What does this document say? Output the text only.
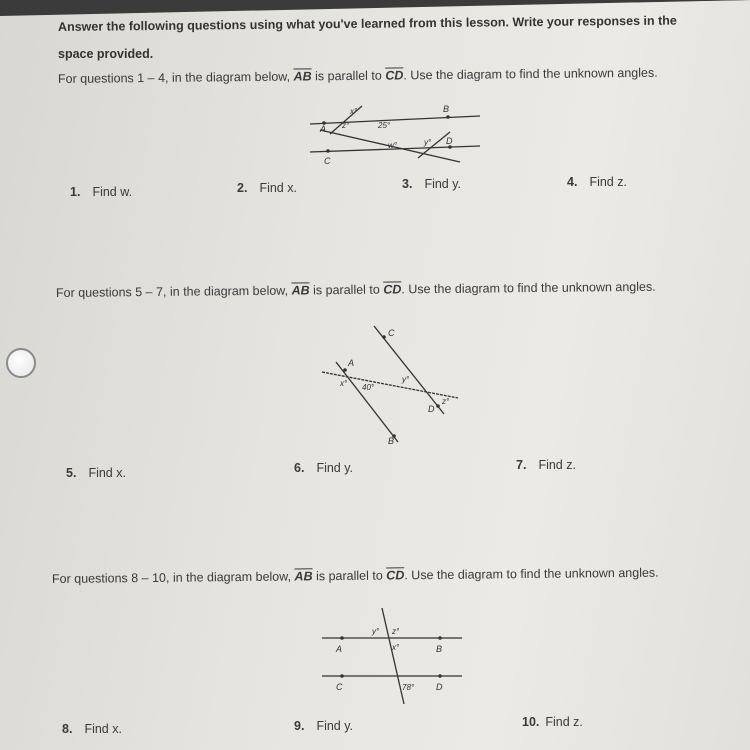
Answer the following questions using what you've learned from this lesson. Write your responses in the
space provided.
For questions 1 – 4, in the diagram below, $\overline{AB}$ is parallel to $\overline{CD}$. Use the diagram to find the unknown angles.
A
B
C
D
x°
z°	25°
w°	y°
1. Find w.	2. Find x.	3. Find y.	4. Find z.
For questions 5 – 7, in the diagram below, $\overline{AB}$ is parallel to $\overline{CD}$. Use the diagram to find the unknown angles.
A
B
C
D
x° 40°
y°
z°
5. Find x.	6. Find y.	7. Find z.
For questions 8 – 10, in the diagram below, $\overline{AB}$ is parallel to $\overline{CD}$. Use the diagram to find the unknown angles.
A	B
C	D
y° z°
x°
78°
8. Find x.	9. Find y.	10. Find z.
